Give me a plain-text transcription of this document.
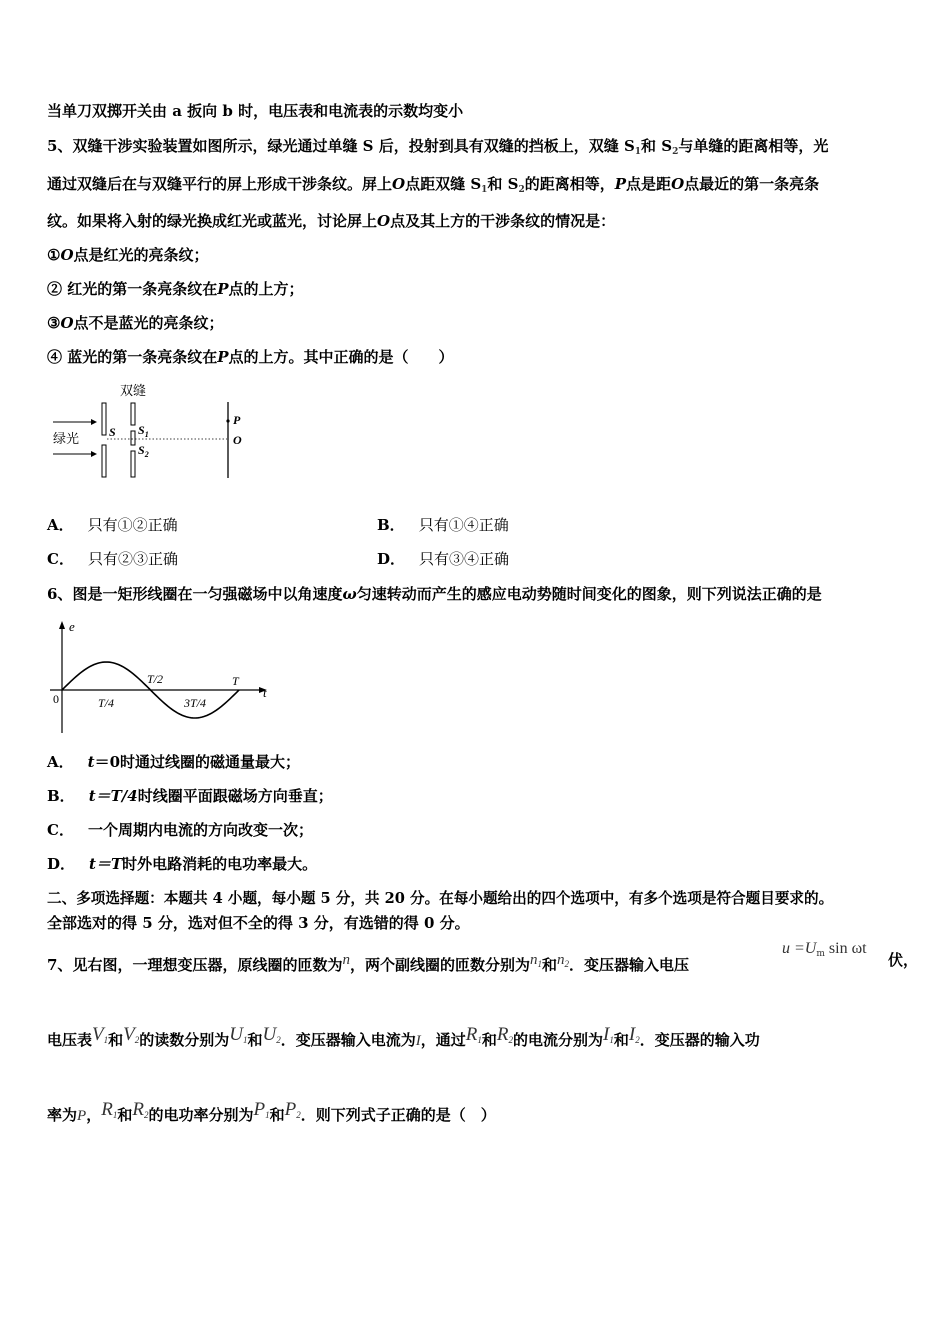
当单刀双掷开关由 a 扳向 b 时，电压表和电流表的示数均变小
5、双缝干涉实验装置如图所示，绿光通过单缝 S 后，投射到具有双缝的挡板上，双缝 $S_1$和 $S_2$与单缝的距离相等，光
通过双缝后在与双缝平行的屏上形成干涉条纹。屏上O点距双缝 $S_1$和 $S_2$的距离相等，P点是距O点最近的第一条亮条
纹。如果将入射的绿光换成红光或蓝光，讨论屏上O点及其上方的干涉条纹的情况是：
①O点是红光的亮条纹；
② 红光的第一条亮条纹在P点的上方；
③O点不是蓝光的亮条纹；
④ 蓝光的第一条亮条纹在P点的上方。其中正确的是（　　）
双缝
绿光 S $S_1$
$S_2$
P
O
A． 只有①②正确	B． 只有①④正确
C． 只有②③正确	D． 只有③④正确
6、图是一矩形线圈在一匀强磁场中以角速度ω匀速转动而产生的感应电动势随时间变化的图象，则下列说法正确的是
e
t
0	T/4
T/2
3T/4
T
A． t＝0时通过线圈的磁通量最大；
B． t＝T/4时线圈平面跟磁场方向垂直；
C． 一个周期内电流的方向改变一次；
D． t＝T时外电路消耗的电功率最大。
二、多项选择题：本题共 4 小题，每小题 5 分，共 20 分。在每小题给出的四个选项中，有多个选项是符合题目要求的。
全部选对的得 5 分，选对但不全的得 3 分，有选错的得 0 分。
7、见右图，一理想变压器，原线圈的匝数为n，两个副线圈的匝数分别为$n_1$和$n_2$．变压器输入电压
$u =U_m$ sin ωt
伏，
电压表$V_1$和$V_2$的读数分别为$U_1$和$U_2$．变压器输入电流为I，通过$R_1$和$R_2$的电流分别为$I_1$和$I_2$．变压器的输入功
率为P，$R_1$和$R_2$的电功率分别为$P_1$和$P_2$．则下列式子正确的是（　）
